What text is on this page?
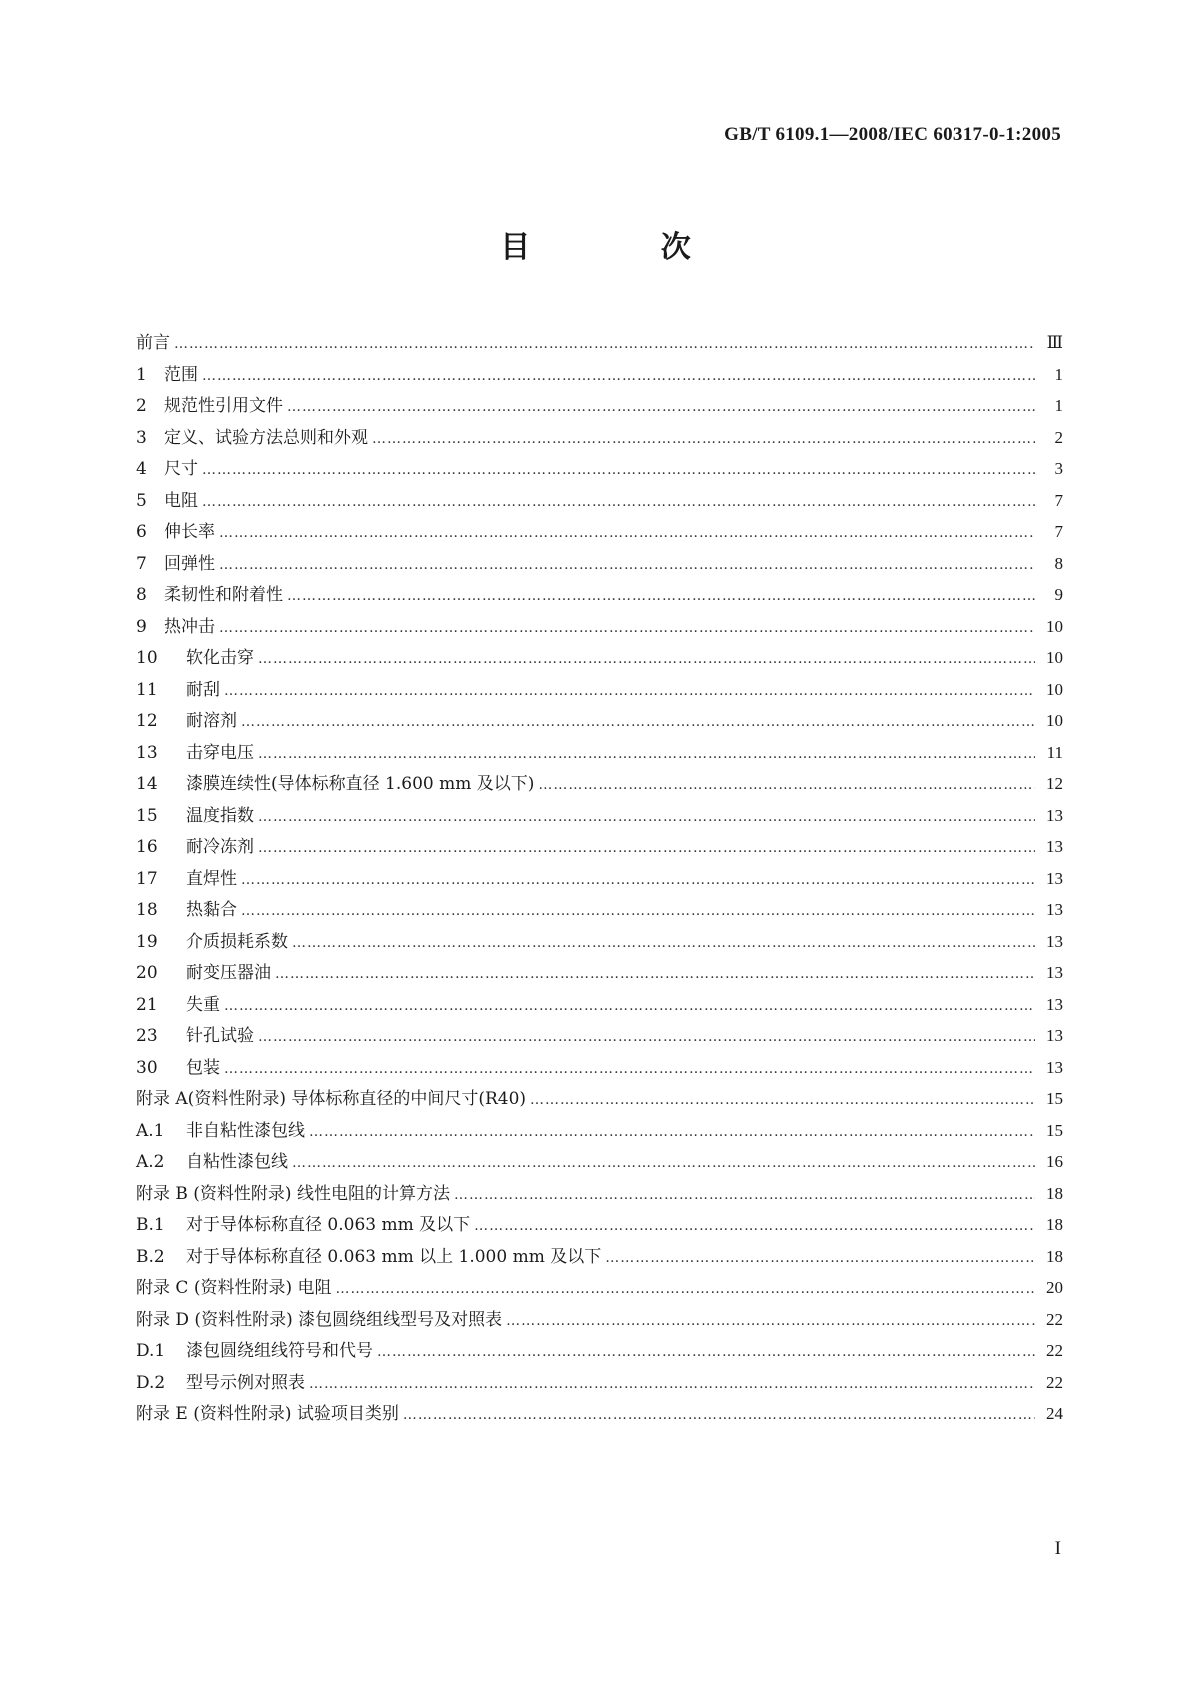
GB/T 6109.1—2008/IEC 60317-0-1:2005
目 次
前言 …………………………………………………………………………………………………………………………………………………………………………………………………………………………	Ⅲ
1 范围 …………………………………………………………………………………………………………………………………………………………………………………………………………………………	1
2 规范性引用文件 …………………………………………………………………………………………………………………………………………………………………………………………………………………………	1
3 定义、试验方法总则和外观 …………………………………………………………………………………………………………………………………………………………………………………………………………………………	2
4 尺寸 …………………………………………………………………………………………………………………………………………………………………………………………………………………………	3
5 电阻 …………………………………………………………………………………………………………………………………………………………………………………………………………………………	7
6 伸长率 …………………………………………………………………………………………………………………………………………………………………………………………………………………………	7
7 回弹性 …………………………………………………………………………………………………………………………………………………………………………………………………………………………	8
8 柔韧性和附着性 …………………………………………………………………………………………………………………………………………………………………………………………………………………………	9
9 热冲击 …………………………………………………………………………………………………………………………………………………………………………………………………………………………	10
10 软化击穿 …………………………………………………………………………………………………………………………………………………………………………………………………………………………	10
11 耐刮 …………………………………………………………………………………………………………………………………………………………………………………………………………………………	10
12 耐溶剂 …………………………………………………………………………………………………………………………………………………………………………………………………………………………	10
13 击穿电压 …………………………………………………………………………………………………………………………………………………………………………………………………………………………	11
14 漆膜连续性(导体标称直径 1.600 mm 及以下) …………………………………………………………………………………………………………………………………………………………………………………………………………………………	12
15 温度指数 …………………………………………………………………………………………………………………………………………………………………………………………………………………………	13
16 耐冷冻剂 …………………………………………………………………………………………………………………………………………………………………………………………………………………………	13
17 直焊性 …………………………………………………………………………………………………………………………………………………………………………………………………………………………	13
18 热黏合 …………………………………………………………………………………………………………………………………………………………………………………………………………………………	13
19 介质损耗系数 …………………………………………………………………………………………………………………………………………………………………………………………………………………………	13
20 耐变压器油 …………………………………………………………………………………………………………………………………………………………………………………………………………………………	13
21 失重 …………………………………………………………………………………………………………………………………………………………………………………………………………………………	13
23 针孔试验 …………………………………………………………………………………………………………………………………………………………………………………………………………………………	13
30 包装 …………………………………………………………………………………………………………………………………………………………………………………………………………………………	13
附录 A(资料性附录) 导体标称直径的中间尺寸(R40) …………………………………………………………………………………………………………………………………………………………………………………………………………………………	15
A.1 非自粘性漆包线 …………………………………………………………………………………………………………………………………………………………………………………………………………………………	15
A.2 自粘性漆包线 …………………………………………………………………………………………………………………………………………………………………………………………………………………………	16
附录 B (资料性附录) 线性电阻的计算方法 …………………………………………………………………………………………………………………………………………………………………………………………………………………………	18
B.1 对于导体标称直径 0.063 mm 及以下 …………………………………………………………………………………………………………………………………………………………………………………………………………………………	18
B.2 对于导体标称直径 0.063 mm 以上 1.000 mm 及以下 …………………………………………………………………………………………………………………………………………………………………………………………………………………………	18
附录 C (资料性附录) 电阻 …………………………………………………………………………………………………………………………………………………………………………………………………………………………	20
附录 D (资料性附录) 漆包圆绕组线型号及对照表 …………………………………………………………………………………………………………………………………………………………………………………………………………………………	22
D.1 漆包圆绕组线符号和代号 …………………………………………………………………………………………………………………………………………………………………………………………………………………………	22
D.2 型号示例对照表 …………………………………………………………………………………………………………………………………………………………………………………………………………………………	22
附录 E (资料性附录) 试验项目类别 …………………………………………………………………………………………………………………………………………………………………………………………………………………………	24
I
